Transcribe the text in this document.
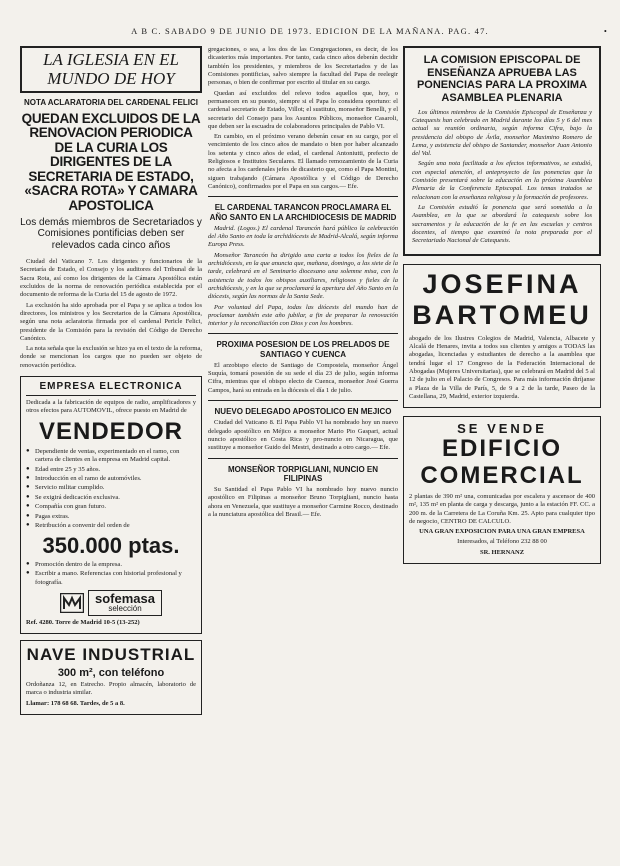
A B C. SABADO 9 DE JUNIO DE 1973. EDICION DE LA MAÑANA. PAG. 47.	•
LA IGLESIA EN EL MUNDO DE HOY
NOTA ACLARATORIA DEL CARDENAL FELICI
QUEDAN EXCLUIDOS DE LA RENOVACION PERIODICA DE LA CURIA LOS DIRIGENTES DE LA SECRETARIA DE ESTADO, «SACRA ROTA» Y CAMARA APOSTOLICA
Los demás miembros de Secretariados y Comisiones pontificias deben ser relevados cada cinco años

Ciudad del Vaticano 7. Los dirigentes y funcionarios de la Secretaría de Estado, el Consejo y los auditores del Tribunal de la Sacra Rota, así como los dirigentes de la Cámara Apostólica están excluidos de la norma de renovación periódica establecida por el documento de reforma de la Curia del 15 de agosto de 1972.

La exclusión ha sido aprobada por el Papa y se aplica a todos los directores, los ministros y los Secretarios de la Cámara Apostólica, según una nota aclaratoria firmada por el cardenal Pericle Felici, presidente de la Comisión para la revisión del Código de Derecho Canónico.

La nota señala que la exclusión se hizo ya en el texto de la reforma, donde se mencionan los cargos que no pueden ser objeto de renovación periódica.

EMPRESA ELECTRONICA

Dedicada a la fabricación de equipos de radio, amplificadores y otros efectos para AUTOMOVIL, ofrece puesto en Madrid de

VENDEDOR
● Dependiente de ventas, experimentado en el ramo, con cartera de clientes en la empresa en Madrid capital.
● Edad entre 25 y 35 años.
● Introducción en el ramo de automóviles.
● Servicio militar cumplido.
● Se exigirá dedicación exclusiva.
● Compañía con gran futuro.
● Pagas extras.
● Retribución a convenir del orden de
350.000 ptas.
● Promoción dentro de la empresa.
● Escribir a mano. Referencias con historial profesional y fotografía.
sofemasa
selección
Ref. 4280. Torre de Madrid 10-5 (13-252)
NAVE INDUSTRIAL
300 m², con teléfono

Ordoñanza 12, en Estrecho. Propio almacén, laboratorio de marca o industria similar.

Llamar: 178 68 68. Tardes, de 5 a 8.

gregaciones, o sea, a los dos de las Congregaciones, es decir, de los dicasterios más importantes. Por tanto, cada cinco años deberán decidir también los presidentes, y miembros de los Secretariados y de las Comisiones pontificias, salvo siempre la facultad del Papa de reelegir personas, o bien de confirmar por escrito al titular en su cargo.

Quedan así excluidos del relevo todos aquellos que, hoy, o permanecen en su puesto, siempre si el Papa lo considera oportuno: el cardenal secretario de Estado, Villot; el sustituto, monseñor Benelli, y el secretario del Consejo para los Asuntos Públicos, monseñor Casaroli, que deben ser la escuadra de colaboradores principales de Pablo VI.

En cambio, en el próximo verano deberán cesar en su cargo, por el vencimiento de los cinco años de mandato o bien por haber alcanzado los setenta y cinco años de edad, el cardenal Antoniutti, prefecto de Religiosos e Institutos Seculares. El llamado remozamiento de la Curia no afecta a los cardenales jefes de dicasterio que, como el Papa Montini, siguen trabajando (Cámara Apostólica y el Código de Derecho Canónico), confirmados por el Papa en sus cargos.— Efe.

EL CARDENAL TARANCON PROCLAMARA EL AÑO SANTO EN LA ARCHIDIOCESIS DE MADRID

Madrid. (Logos.) El cardenal Tarancón hará público la celebración del Año Santo en toda la archidiócesis de Madrid-Alcalá, según informa Europa Press.

Monseñor Tarancón ha dirigido una carta a todos los fieles de la archidiócesis, en la que anuncia que, mañana, domingo, a las siete de la tarde, celebrará en el Seminario diocesano una solemne misa, con la asistencia de todos los obispos auxiliares, religiosos y fieles de la archidiócesis, y en la que se proclamará la apertura del Año Santo en la diócesis, según las normas de la Santa Sede.

Por voluntad del Papa, todas las diócesis del mundo han de proclamar también este año jubilar, a fin de preparar la renovación interior y la reconciliación con Dios y con los hombres.

PROXIMA POSESION DE LOS PRELADOS DE SANTIAGO Y CUENCA

El arzobispo electo de Santiago de Compostela, monseñor Ángel Suquía, tomará posesión de su sede el día 23 de julio, según informa Cifra, mientras que el obispo electo de Cuenca, monseñor José Guerra Campos, hará su entrada en la diócesis el día 1 de julio.

NUEVO DELEGADO APOSTOLICO EN MEJICO

Ciudad del Vaticano 8. El Papa Pablo VI ha nombrado hoy un nuevo delegado apostólico en Méjico a monseñor Mario Pio Gaspari, actual nuncio apostólico en Costa Rica y pro-nuncio en Nicaragua, que sustituye a monseñor Guido del Mestri, destinado a otro cargo.— Efe.

MONSEÑOR TORPIGLIANI, NUNCIO EN FILIPINAS

Su Santidad el Papa Pablo VI ha nombrado hoy nuevo nuncio apostólico en Filipinas a monseñor Bruno Torpigliani, nuncio hasta ahora en Venezuela, que sustituye a monseñor Carmine Rocco, destinado a la nunciatura apostólica del Brasil.— Efe.

LA COMISION EPISCOPAL DE ENSEÑANZA APRUEBA LAS PONENCIAS PARA LA PROXIMA ASAMBLEA PLENARIA

Los últimos miembros de la Comisión Episcopal de Enseñanza y Catequesis han celebrado en Madrid durante los días 5 y 6 del mes actual su reunión ordinaria, según informa Cifra, bajo la presidencia del obispo de Ávila, monseñor Maximino Romero de Lema, y asistencia del obispo de Santander, monseñor Juan Antonio del Val.

Según una nota facilitada a los efectos informativos, se estudió, con especial atención, el anteproyecto de las ponencias que la Comisión presentará sobre la educación en la próxima Asamblea Plenaria de la Conferencia Episcopal. Los temas tratados se relacionan con la enseñanza religiosa y la formación de profesores.

La Comisión estudió la ponencia que será sometida a la Asamblea, en la que se abordará la catequesis sobre los sacramentos y la educación de la fe en las escuelas y centros docentes, al tiempo que examinó la nota preparada por el Secretariado Nacional de Catequesis.

JOSEFINA BARTOMEU

abogado de los Ilustres Colegios de Madrid, Valencia, Albacete y Alcalá de Henares, invita a todos sus clientes y amigos a TODAS las abogadas, licenciadas y estudiantes de derecho a la asamblea que tendrá lugar el 17 Congreso de la Federación Internacional de Abogadas (Mujeres Universitarias), que se celebrará en Madrid del 5 al 12 de julio en el Palacio de Congresos. Para más información diríjanse a Plaza de la Villa de París, 5, de 9 a 2 de la tarde, Paseo de la Castellana, 29, Madrid, exterior izquierda.

SE VENDE
EDIFICIO COMERCIAL

2 plantas de 390 m² una, comunicadas por escalera y ascensor de 400 m², 135 m² en planta de carga y descarga, junto a la estación FF. CC. a 200 m. de la Carretera de La Coruña Km. 25. Apto para cualquier tipo de negocio, CENTRO DE CALCULO.

UNA GRAN EXPOSICION PARA UNA GRAN EMPRESA

Interesados, al Teléfono 232 88 00

SR. HERNANZ
